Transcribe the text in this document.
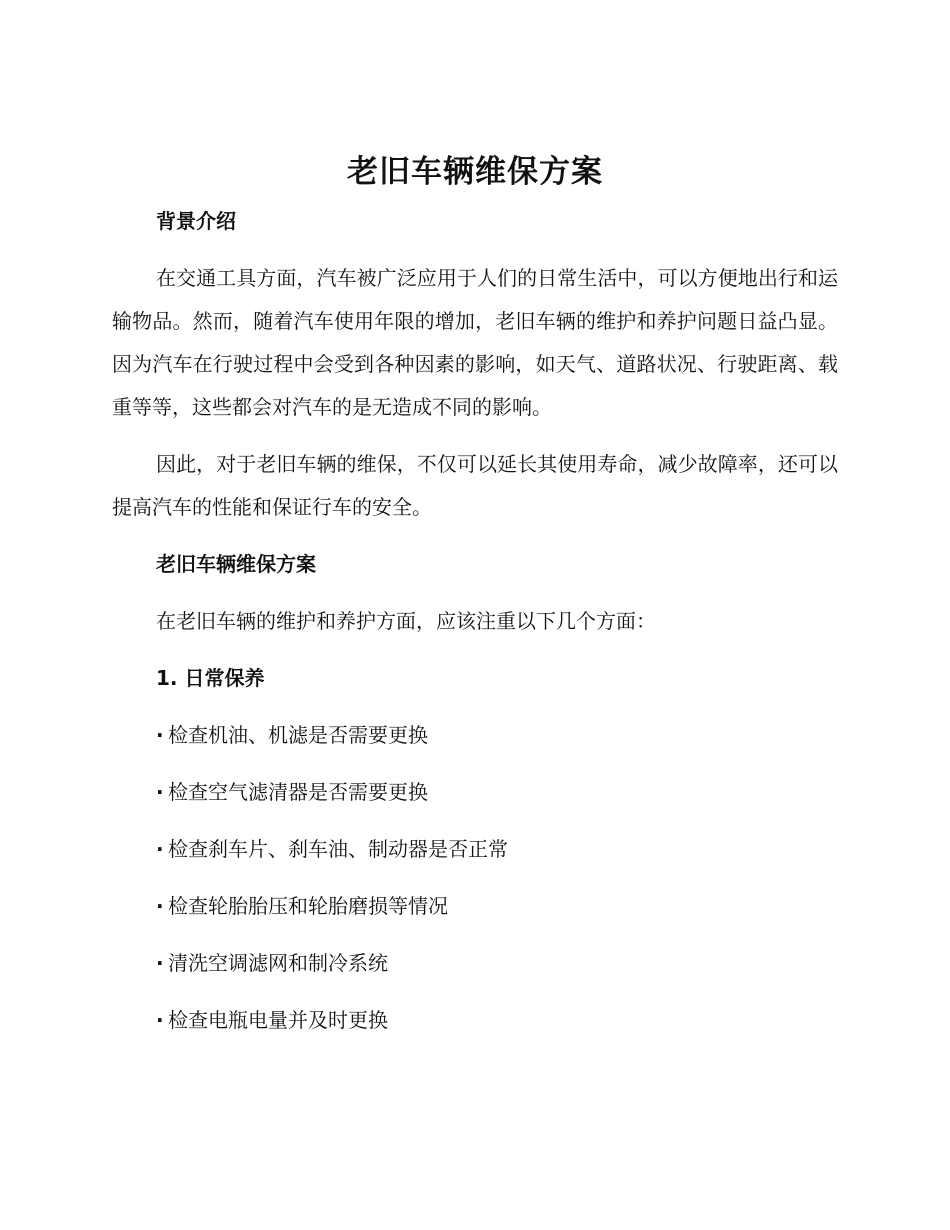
老旧车辆维保方案

背景介绍

在交通工具方面，汽车被广泛应用于人们的日常生活中，可以方便地出行和运输物品。然而，随着汽车使用年限的增加，老旧车辆的维护和养护问题日益凸显。因为汽车在行驶过程中会受到各种因素的影响，如天气、道路状况、行驶距离、载重等等，这些都会对汽车的是无造成不同的影响。

因此，对于老旧车辆的维保，不仅可以延长其使用寿命，减少故障率，还可以提高汽车的性能和保证行车的安全。

老旧车辆维保方案

在老旧车辆的维护和养护方面，应该注重以下几个方面：

1. 日常保养

· 检查机油、机滤是否需要更换

· 检查空气滤清器是否需要更换

· 检查刹车片、刹车油、制动器是否正常

· 检查轮胎胎压和轮胎磨损等情况

· 清洗空调滤网和制冷系统

· 检查电瓶电量并及时更换
